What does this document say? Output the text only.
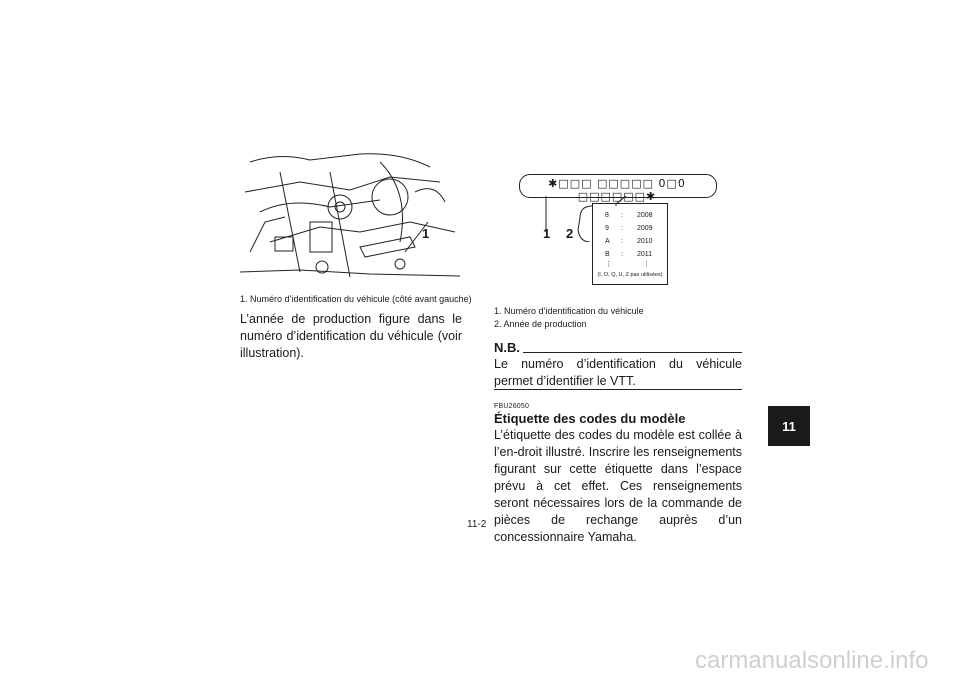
1
1. Numéro d’identification du véhicule (côté avant gauche)
L’année de production figure dans le numéro d’identification du véhicule (voir illustration).
✱□□□ □□□□□ 0□0 □□□□□□✱
1 2
8 : 2008
9 : 2009
A : 2010
B : 2011
⋮	⋮
(I, O, Q, U, Z pas utilisées)
1. Numéro d’identification du véhicule
2. Année de production
N.B.
Le numéro d’identification du véhicule permet d’identifier le VTT.
FBU26050
Étiquette des codes du modèle
L’étiquette des codes du modèle est collée à l’en-droit illustré. Inscrire les renseignements figurant sur cette étiquette dans l’espace prévu à cet effet. Ces renseignements seront nécessaires lors de la commande de pièces de rechange auprès d’un concessionnaire Yamaha.
11
11-2
carmanualsonline.info
